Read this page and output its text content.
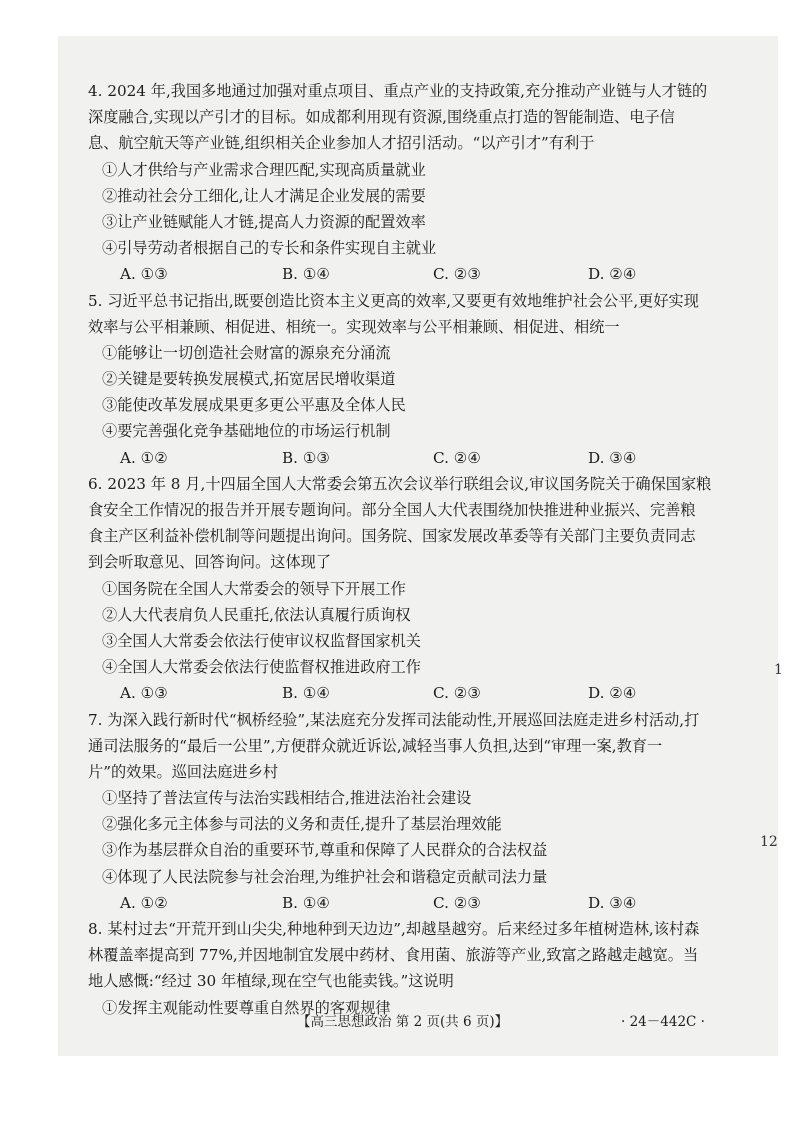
4. 2024 年,我国多地通过加强对重点项目、重点产业的支持政策,充分推动产业链与人才链的
深度融合,实现以产引才的目标。如成都利用现有资源,围绕重点打造的智能制造、电子信
息、航空航天等产业链,组织相关企业参加人才招引活动。“以产引才”有利于
①人才供给与产业需求合理匹配,实现高质量就业
②推动社会分工细化,让人才满足企业发展的需要
③让产业链赋能人才链,提高人力资源的配置效率
④引导劳动者根据自己的专长和条件实现自主就业
A. ①③	B. ①④	C. ②③	D. ②④
5. 习近平总书记指出,既要创造比资本主义更高的效率,又要更有效地维护社会公平,更好实现
效率与公平相兼顾、相促进、相统一。实现效率与公平相兼顾、相促进、相统一
①能够让一切创造社会财富的源泉充分涌流
②关键是要转换发展模式,拓宽居民增收渠道
③能使改革发展成果更多更公平惠及全体人民
④要完善强化竞争基础地位的市场运行机制
A. ①②	B. ①③	C. ②④	D. ③④
6. 2023 年 8 月,十四届全国人大常委会第五次会议举行联组会议,审议国务院关于确保国家粮
食安全工作情况的报告并开展专题询问。部分全国人大代表围绕加快推进种业振兴、完善粮
食主产区利益补偿机制等问题提出询问。国务院、国家发展改革委等有关部门主要负责同志
到会听取意见、回答询问。这体现了
①国务院在全国人大常委会的领导下开展工作
②人大代表肩负人民重托,依法认真履行质询权
③全国人大常委会依法行使审议权监督国家机关
④全国人大常委会依法行使监督权推进政府工作
A. ①③	B. ①④	C. ②③	D. ②④
7. 为深入践行新时代“枫桥经验”,某法庭充分发挥司法能动性,开展巡回法庭走进乡村活动,打
通司法服务的“最后一公里”,方便群众就近诉讼,减轻当事人负担,达到“审理一案,教育一
片”的效果。巡回法庭进乡村
①坚持了普法宣传与法治实践相结合,推进法治社会建设
②强化多元主体参与司法的义务和责任,提升了基层治理效能
③作为基层群众自治的重要环节,尊重和保障了人民群众的合法权益
④体现了人民法院参与社会治理,为维护社会和谐稳定贡献司法力量
A. ①②	B. ①④	C. ②③	D. ③④
8. 某村过去“开荒开到山尖尖,种地种到天边边”,却越垦越穷。后来经过多年植树造林,该村森
林覆盖率提高到 77%,并因地制宜发展中药材、食用菌、旅游等产业,致富之路越走越宽。当
地人感慨:“经过 30 年植绿,现在空气也能卖钱。”这说明
①发挥主观能动性要尊重自然界的客观规律
1
12
【高三思想政治 第 2 页(共 6 页)】	· 24－442C ·
